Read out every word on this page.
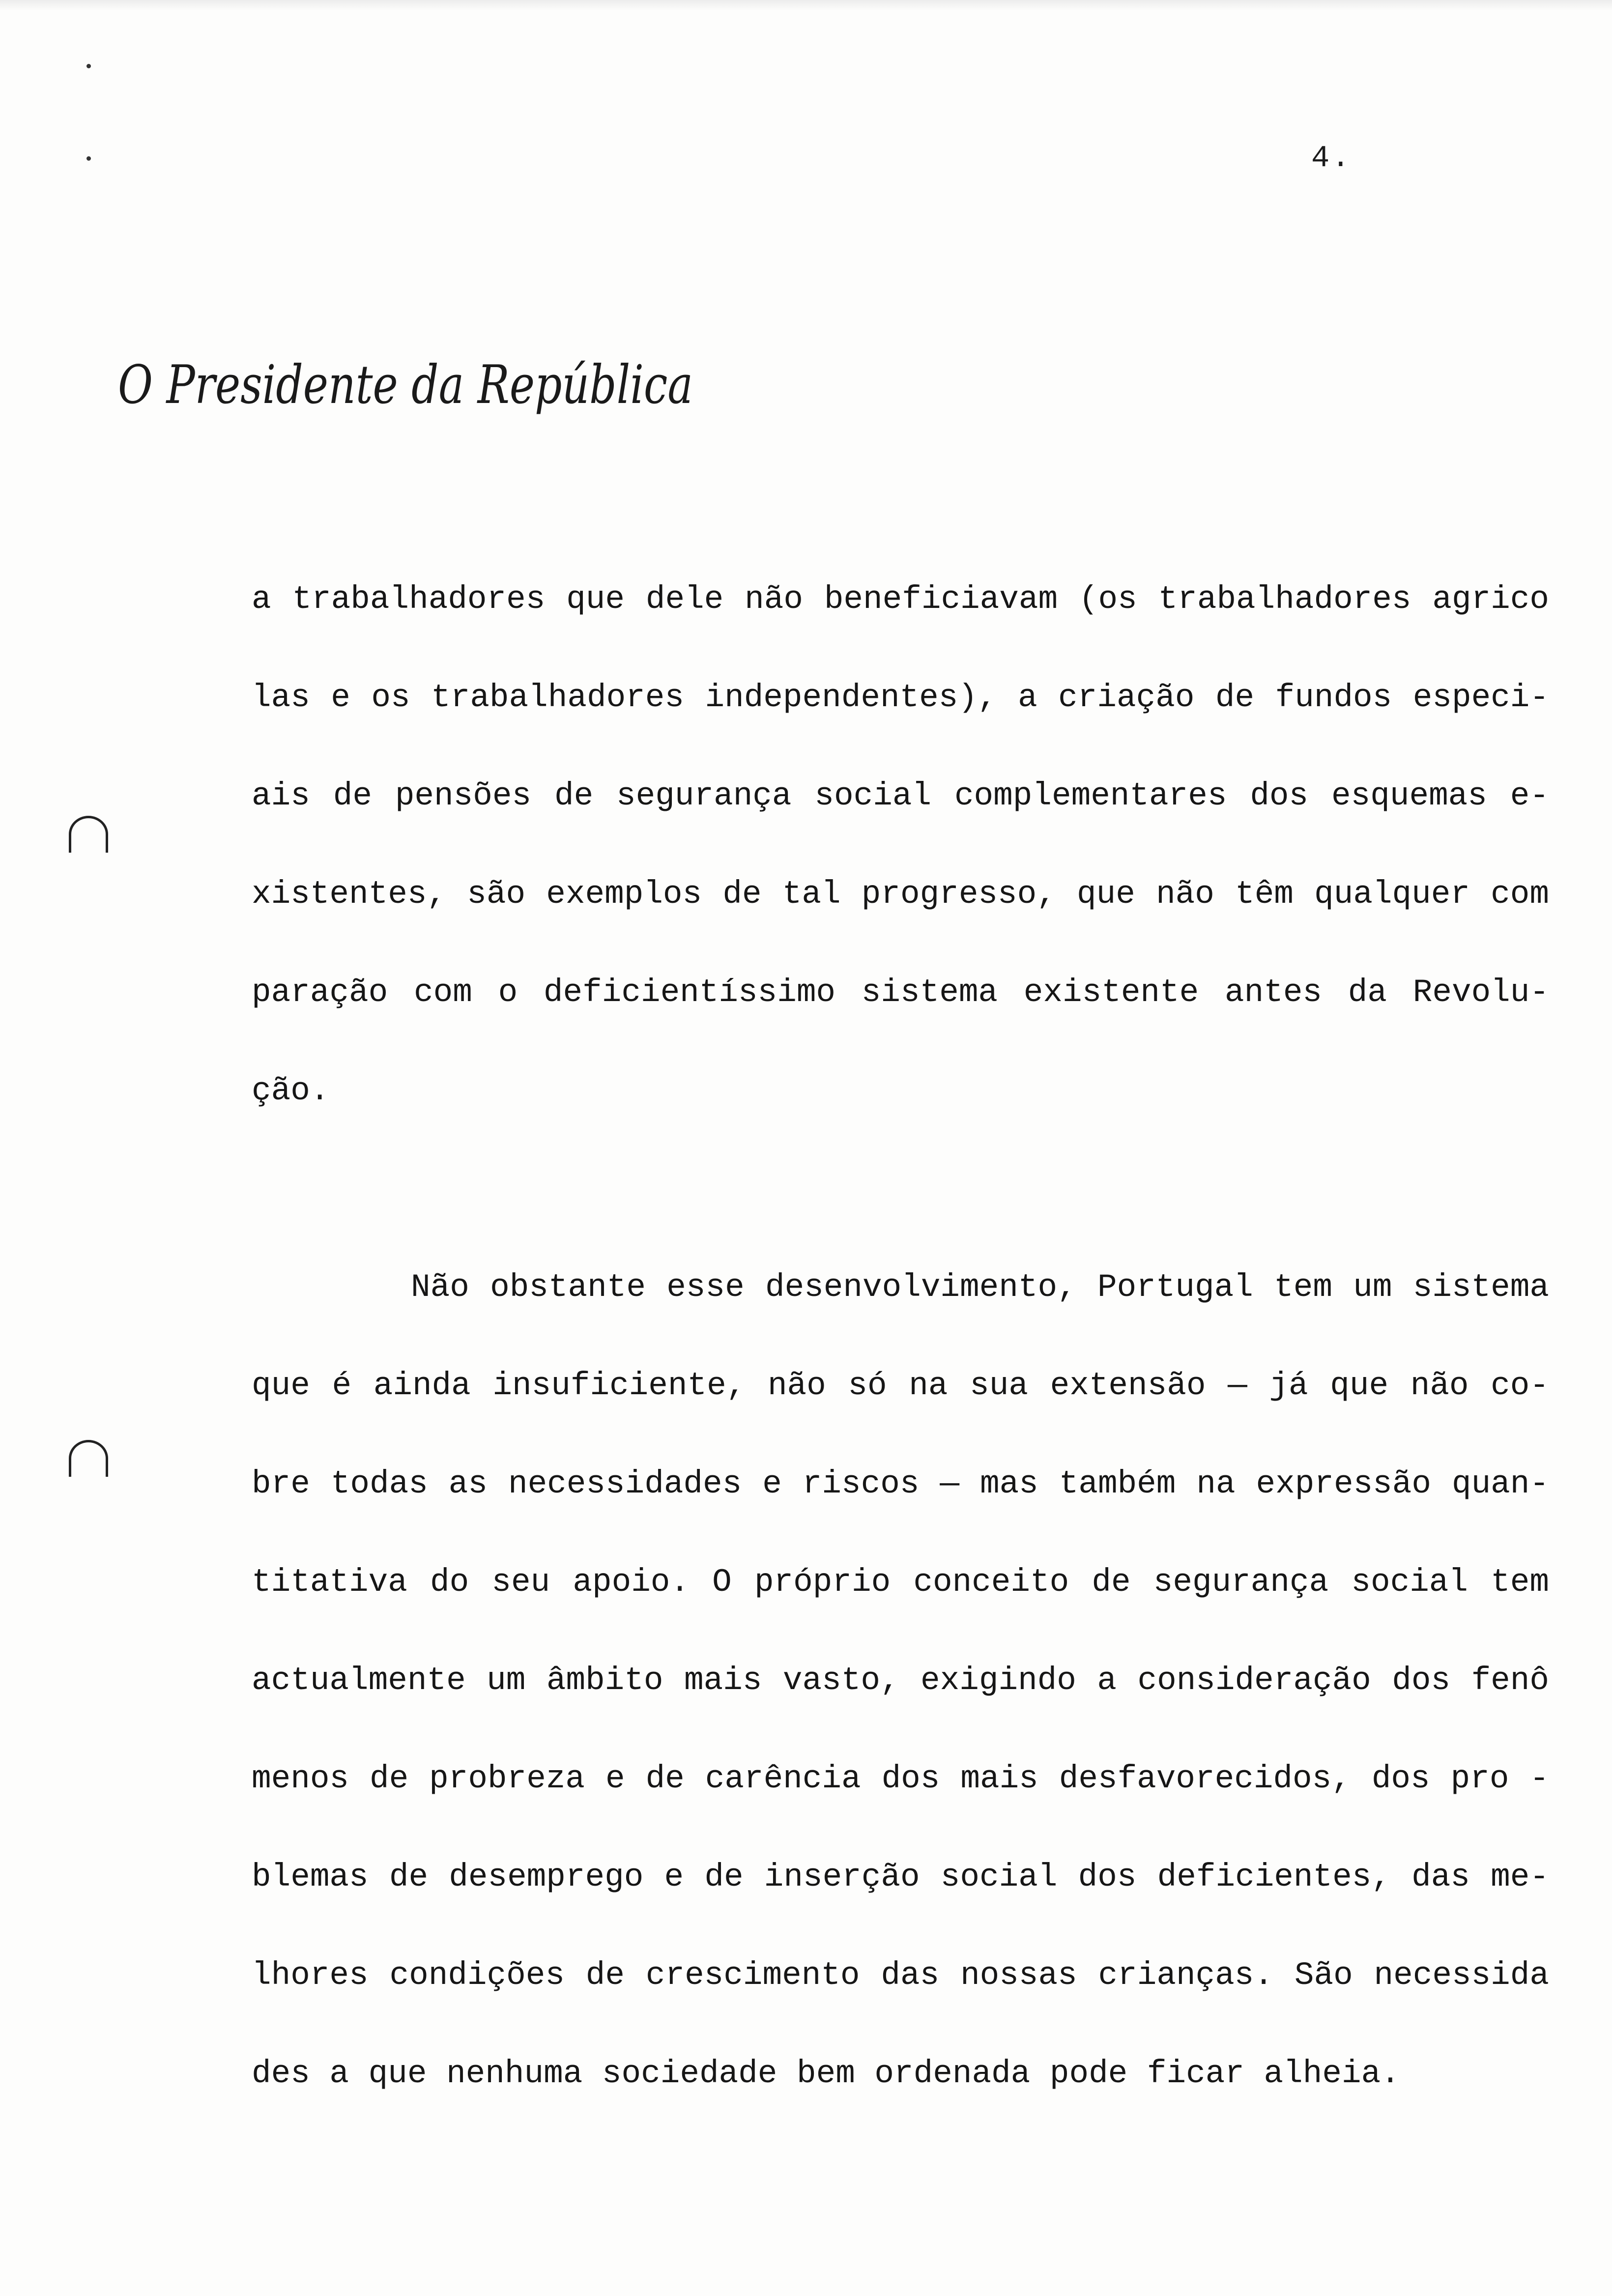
4.
O Presidente da República
a trabalhadores que dele não beneficiavam (os trabalhadores agrico
las e os trabalhadores independentes), a criação de fundos especi-
ais de pensões de segurança social complementares dos esquemas e-
xistentes, são exemplos de tal progresso, que não têm qualquer com
paração com o deficientíssimo sistema existente antes da Revolu-
ção.
Não obstante esse desenvolvimento, Portugal tem um sistema
que é ainda insuficiente, não só na sua extensão — já que não co-
bre todas as necessidades e riscos — mas também na expressão quan-
titativa do seu apoio. O próprio conceito de segurança social tem
actualmente um âmbito mais vasto, exigindo a consideração dos fenô
menos de probreza e de carência dos mais desfavorecidos, dos pro -
blemas de desemprego e de inserção social dos deficientes, das me-
lhores condições de crescimento das nossas crianças. São necessida
des a que nenhuma sociedade bem ordenada pode ficar alheia.
